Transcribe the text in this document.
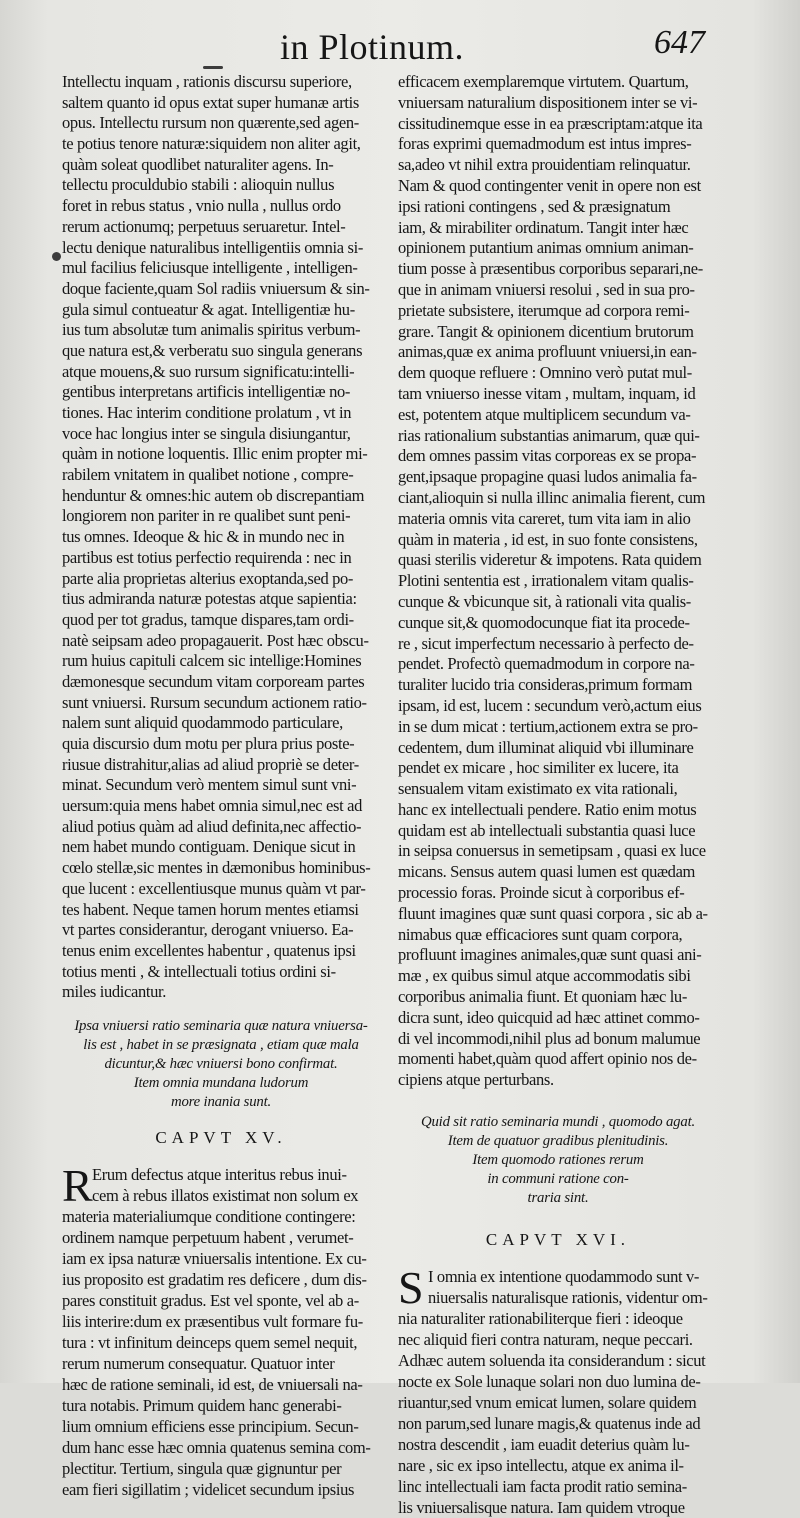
in Plotinum.	647
Intellectu inquam , rationis discursu superiore,
saltem quanto id opus extat super humanæ artis
opus. Intellectu rursum non quærente,sed agen-
te potius tenore naturæ:siquidem non aliter agit,
quàm soleat quodlibet naturaliter agens. In-
tellectu proculdubio stabili : alioquin nullus
foret in rebus status , vnio nulla , nullus ordo
rerum actionumq; perpetuus seruaretur. Intel-
lectu denique naturalibus intelligentiis omnia si-
mul facilius feliciusque intelligente , intelligen-
doque faciente,quam Sol radiis vniuersum & sin-
gula simul contueatur & agat. Intelligentiæ hu-
ius tum absolutæ tum animalis spiritus verbum-
que natura est,& verberatu suo singula generans
atque mouens,& suo rursum significatu:intelli-
gentibus interpretans artificis intelligentiæ no-
tiones. Hac interim conditione prolatum , vt in
voce hac longius inter se singula disiungantur,
quàm in notione loquentis. Illic enim propter mi-
rabilem vnitatem in qualibet notione , compre-
henduntur & omnes:hic autem ob discrepantiam
longiorem non pariter in re qualibet sunt peni-
tus omnes. Ideoque & hic & in mundo nec in
partibus est totius perfectio requirenda : nec in
parte alia proprietas alterius exoptanda,sed po-
tius admiranda naturæ potestas atque sapientia:
quod per tot gradus, tamque dispares,tam ordi-
natè seipsam adeo propagauerit. Post hæc obscu-
rum huius capituli calcem sic intellige:Homines
dæmonesque secundum vitam corpoream partes
sunt vniuersi. Rursum secundum actionem ratio-
nalem sunt aliquid quodammodo particulare,
quia discursio dum motu per plura prius poste-
riusue distrahitur,alias ad aliud propriè se deter-
minat. Secundum verò mentem simul sunt vni-
uersum:quia mens habet omnia simul,nec est ad
aliud potius quàm ad aliud definita,nec affectio-
nem habet mundo contiguam. Denique sicut in
cœlo stellæ,sic mentes in dæmonibus hominibus-
que lucent : excellentiusque munus quàm vt par-
tes habent. Neque tamen horum mentes etiamsi
vt partes considerantur, derogant vniuerso. Ea-
tenus enim excellentes habentur , quatenus ipsi
totius menti , & intellectuali totius ordini si-
miles iudicantur.
Ipsa vniuersi ratio seminaria quæ natura vniuersa-
lis est , habet in se præsignata , etiam quæ mala
dicuntur,& hæc vniuersi bono confirmat.
Item omnia mundana ludorum
more inania sunt.
CAPVT XV.
R Erum defectus atque interitus rebus inui-
cem à rebus illatos existimat non solum ex
materia materialiumque conditione contingere:
ordinem namque perpetuum habent , verumet-
iam ex ipsa naturæ vniuersalis intentione. Ex cu-
ius proposito est gradatim res deficere , dum dis-
pares constituit gradus. Est vel sponte, vel ab a-
liis interire:dum ex præsentibus vult formare fu-
tura : vt infinitum deinceps quem semel nequit,
rerum numerum consequatur. Quatuor inter
hæc de ratione seminali, id est, de vniuersali na-
tura notabis. Primum quidem hanc generabi-
lium omnium efficiens esse principium. Secun-
dum hanc esse hæc omnia quatenus semina com-
plectitur. Tertium, singula quæ gignuntur per
eam fieri sigillatim ; videlicet secundum ipsius
efficacem exemplaremque virtutem. Quartum,
vniuersam naturalium dispositionem inter se vi-
cissitudinemque esse in ea præscriptam:atque ita
foras exprimi quemadmodum est intus impres-
sa,adeo vt nihil extra prouidentiam relinquatur.
Nam & quod contingenter venit in opere non est
ipsi rationi contingens , sed & præsignatum
iam, & mirabiliter ordinatum. Tangit inter hæc
opinionem putantium animas omnium animan-
tium posse à præsentibus corporibus separari,ne-
que in animam vniuersi resolui , sed in sua pro-
prietate subsistere, iterumque ad corpora remi-
grare. Tangit & opinionem dicentium brutorum
animas,quæ ex anima profluunt vniuersi,in ean-
dem quoque refluere : Omnino verò putat mul-
tam vniuerso inesse vitam , multam, inquam, id
est, potentem atque multiplicem secundum va-
rias rationalium substantias animarum, quæ qui-
dem omnes passim vitas corporeas ex se propa-
gent,ipsaque propagine quasi ludos animalia fa-
ciant,alioquin si nulla illinc animalia fierent, cum
materia omnis vita careret, tum vita iam in alio
quàm in materia , id est, in suo fonte consistens,
quasi sterilis videretur & impotens. Rata quidem
Plotini sententia est , irrationalem vitam qualis-
cunque & vbicunque sit, à rationali vita qualis-
cunque sit,& quomodocunque fiat ita procede-
re , sicut imperfectum necessario à perfecto de-
pendet. Profectò quemadmodum in corpore na-
turaliter lucido tria consideras,primum formam
ipsam, id est, lucem : secundum verò,actum eius
in se dum micat : tertium,actionem extra se pro-
cedentem, dum illuminat aliquid vbi illuminare
pendet ex micare , hoc similiter ex lucere, ita
sensualem vitam existimato ex vita rationali,
hanc ex intellectuali pendere. Ratio enim motus
quidam est ab intellectuali substantia quasi luce
in seipsa conuersus in semetipsam , quasi ex luce
micans. Sensus autem quasi lumen est quædam
processio foras. Proinde sicut à corporibus ef-
fluunt imagines quæ sunt quasi corpora , sic ab a-
nimabus quæ efficaciores sunt quam corpora,
profluunt imagines animales,quæ sunt quasi ani-
mæ , ex quibus simul atque accommodatis sibi
corporibus animalia fiunt. Et quoniam hæc lu-
dicra sunt, ideo quicquid ad hæc attinet commo-
di vel incommodi,nihil plus ad bonum malumue
momenti habet,quàm quod affert opinio nos de-
cipiens atque perturbans.
Quid sit ratio seminaria mundi , quomodo agat.
Item de quatuor gradibus plenitudinis.
Item quomodo rationes rerum
in communi ratione con-
traria sint.
CAPVT XVI.
S I omnia ex intentione quodammodo sunt v-
niuersalis naturalisque rationis, videntur om-
nia naturaliter rationabiliterque fieri : ideoque
nec aliquid fieri contra naturam, neque peccari.
Adhæc autem soluenda ita considerandum : sicut
nocte ex Sole lunaque solari non duo lumina de-
riuantur,sed vnum emicat lumen, solare quidem
non parum,sed lunare magis,& quatenus inde ad
nostra descendit , iam euadit deterius quàm lu-
nare , sic ex ipso intellectu, atque ex anima il-
linc intellectuali iam facta prodit ratio semina-
lis vniuersalisque natura. Iam quidem vtroque
